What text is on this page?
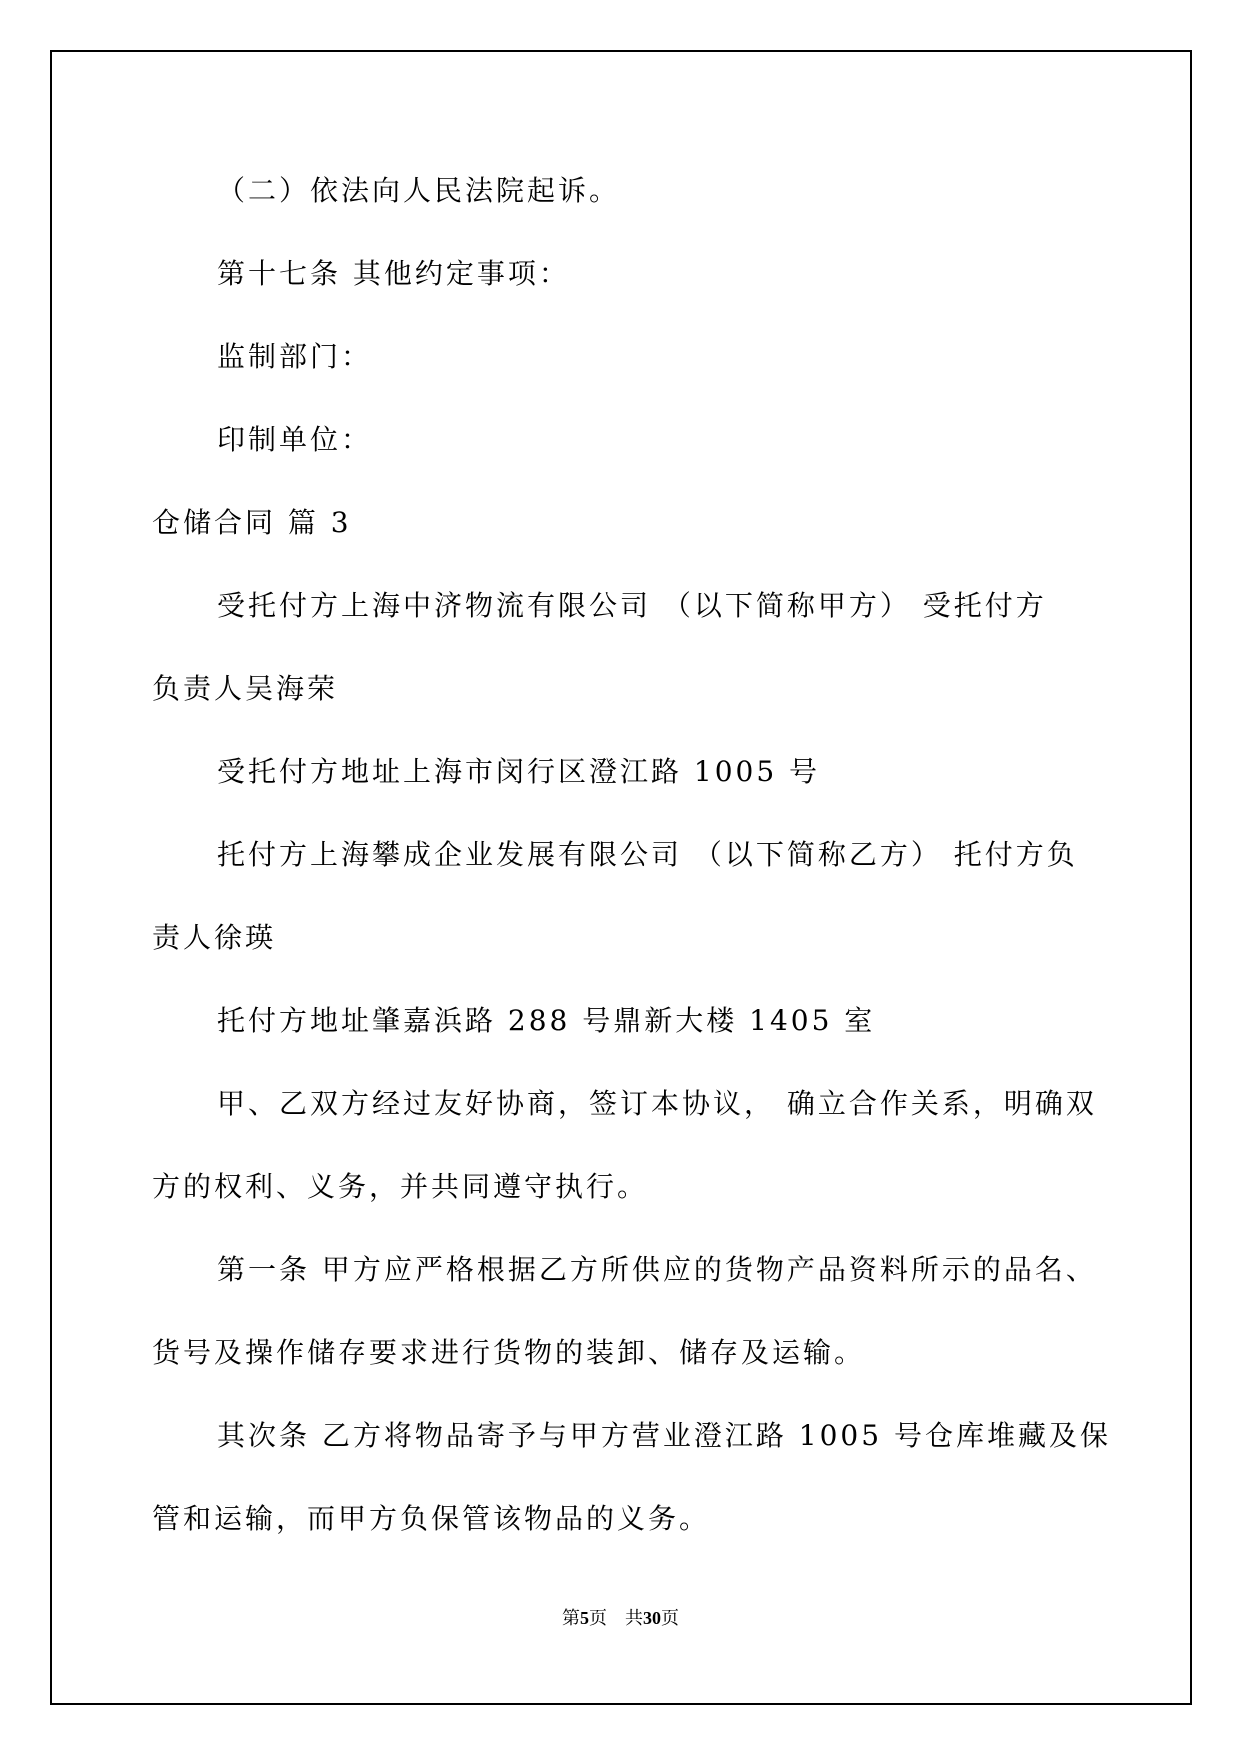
（二）依法向人民法院起诉。
第十七条 其他约定事项：
监制部门：
印制单位：
仓储合同 篇 3
受托付方上海中济物流有限公司 （以下简称甲方） 受托付方
负责人吴海荣
受托付方地址上海市闵行区澄江路 1005 号
托付方上海攀成企业发展有限公司 （以下简称乙方） 托付方负
责人徐瑛
托付方地址肇嘉浜路 288 号鼎新大楼 1405 室
甲、乙双方经过友好协商，签订本协议， 确立合作关系，明确双
方的权利、义务，并共同遵守执行。
第一条 甲方应严格根据乙方所供应的货物产品资料所示的品名、
货号及操作储存要求进行货物的装卸、储存及运输。
其次条 乙方将物品寄予与甲方营业澄江路 1005 号仓库堆藏及保
管和运输，而甲方负保管该物品的义务。
第5页　共30页
